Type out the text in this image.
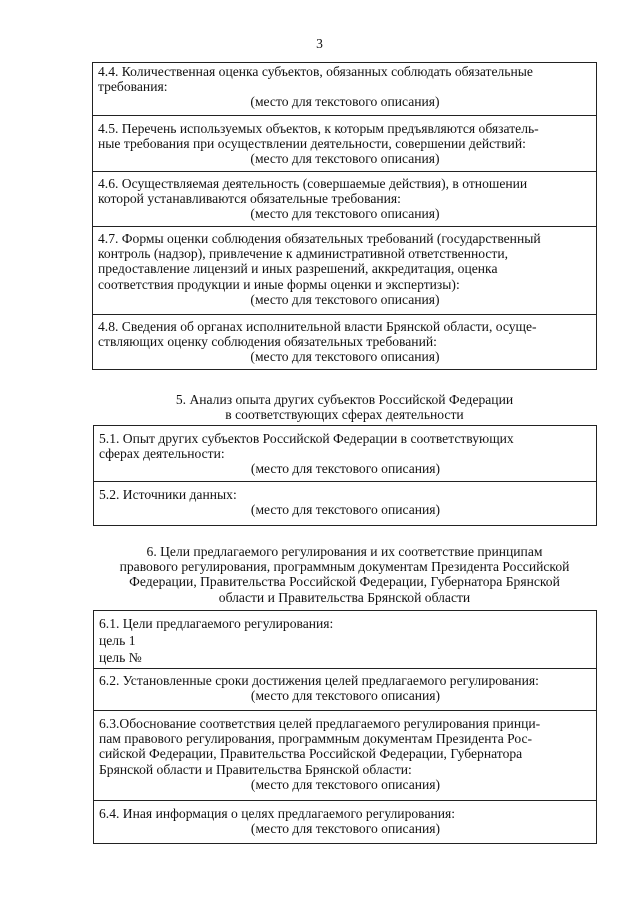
3
4.4. Количественная оценка субъектов, обязанных соблюдать обязательные
требования:
(место для текстового описания)
4.5. Перечень используемых объектов, к которым предъявляются обязатель-
ные требования при осуществлении деятельности, совершении действий:
(место для текстового описания)
4.6. Осуществляемая деятельность (совершаемые действия), в отношении
которой устанавливаются обязательные требования:
(место для текстового описания)
4.7. Формы оценки соблюдения обязательных требований (государственный
контроль (надзор), привлечение к административной ответственности,
предоставление лицензий и иных разрешений, аккредитация, оценка
соответствия продукции и иные формы оценки и экспертизы):
(место для текстового описания)
4.8. Сведения об органах исполнительной власти Брянской области, осуще-
ствляющих оценку соблюдения обязательных требований:
(место для текстового описания)
5. Анализ опыта других субъектов Российской Федерации
в соответствующих сферах деятельности
5.1. Опыт других субъектов Российской Федерации в соответствующих
сферах деятельности:
(место для текстового описания)
5.2. Источники данных:
(место для текстового описания)
6. Цели предлагаемого регулирования и их соответствие принципам
правового регулирования, программным документам Президента Российской
Федерации, Правительства Российской Федерации, Губернатора Брянской
области и Правительства Брянской области
6.1. Цели предлагаемого регулирования:
цель 1
цель №
6.2. Установленные сроки достижения целей предлагаемого регулирования:
(место для текстового описания)
6.3.Обоснование соответствия целей предлагаемого регулирования принци-
пам правового регулирования, программным документам Президента Рос-
сийской Федерации, Правительства Российской Федерации, Губернатора
Брянской области и Правительства Брянской области:
(место для текстового описания)
6.4. Иная информация о целях предлагаемого регулирования:
(место для текстового описания)
